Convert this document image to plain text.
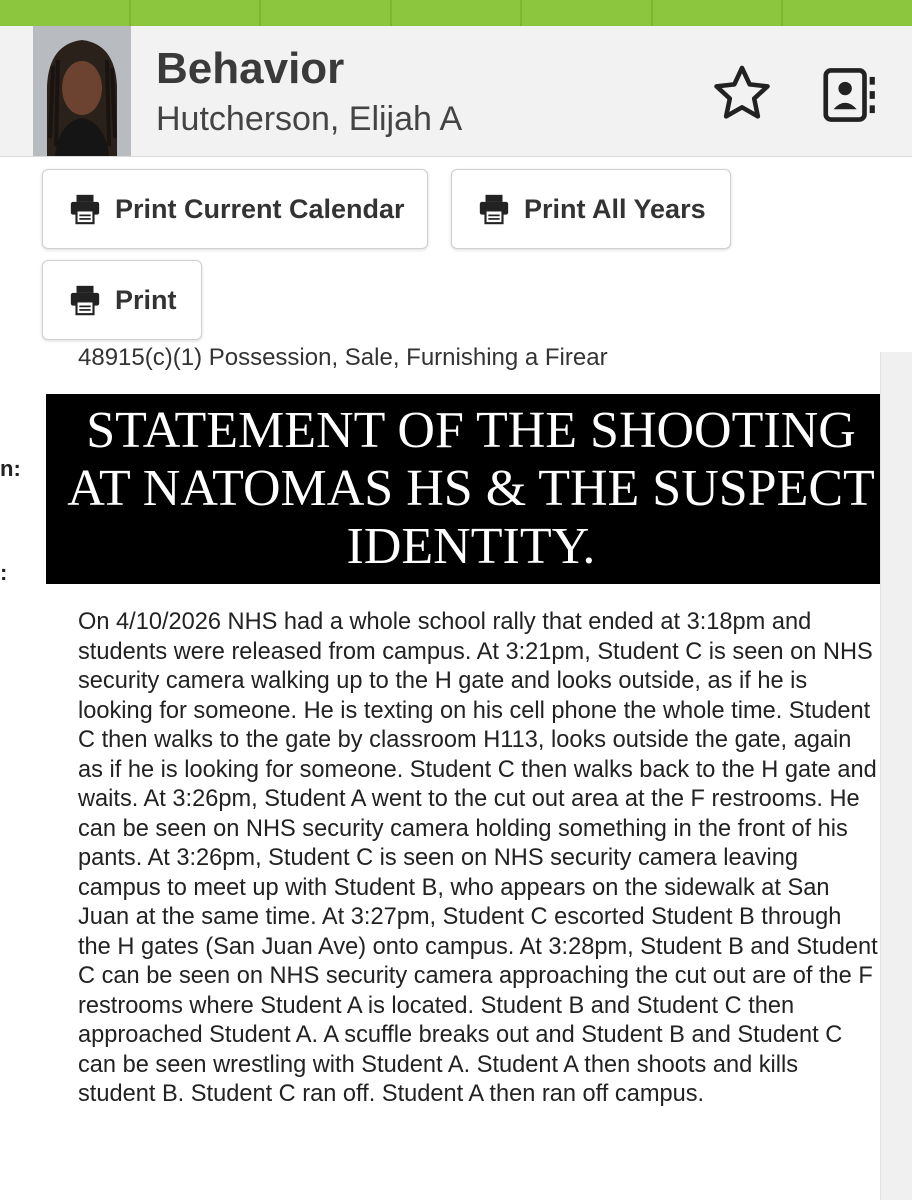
Behavior
Hutcherson, Elijah A
Print Current Calendar	Print All Years
Print
48915(c)(1) Possession, Sale, Furnishing a Firear
n:
:
STATEMENT OF THE SHOOTING AT NATOMAS HS & THE SUSPECT IDENTITY.
On 4/10/2026 NHS had a whole school rally that ended at 3:18pm and students were released from campus. At 3:21pm, Student C is seen on NHS security camera walking up to the H gate and looks outside, as if he is looking for someone. He is texting on his cell phone the whole time. Student C then walks to the gate by classroom H113, looks outside the gate, again as if he is looking for someone. Student C then walks back to the H gate and waits. At 3:26pm, Student A went to the cut out area at the F restrooms. He can be seen on NHS security camera holding something in the front of his pants. At 3:26pm, Student C is seen on NHS security camera leaving campus to meet up with Student B, who appears on the sidewalk at San Juan at the same time. At 3:27pm, Student C escorted Student B through the H gates (San Juan Ave) onto campus. At 3:28pm, Student B and Student C can be seen on NHS security camera approaching the cut out are of the F restrooms where Student A is located. Student B and Student C then approached Student A. A scuffle breaks out and Student B and Student C can be seen wrestling with Student A. Student A then shoots and kills student B. Student C ran off. Student A then ran off campus.
